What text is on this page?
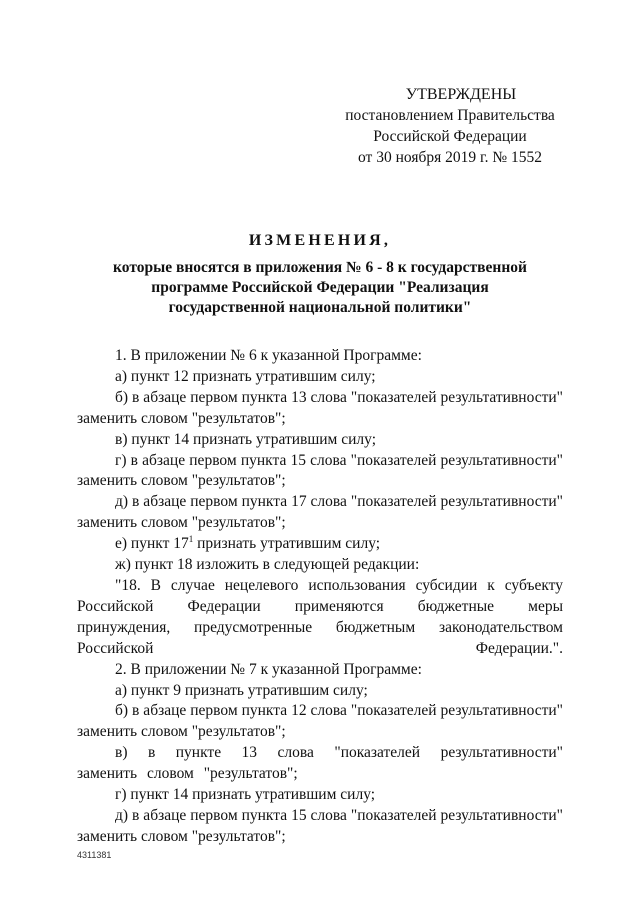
УТВЕРЖДЕНЫ
постановлением Правительства
Российской Федерации
от 30 ноября 2019 г. № 1552
ИЗМЕНЕНИЯ,
которые вносятся в приложения № 6 - 8 к государственной
программе Российской Федерации "Реализация
государственной национальной политики"

1. В приложении № 6 к указанной Программе:

а) пункт 12 признать утратившим силу;

б) в абзаце первом пункта 13 слова "показателей результативности" заменить словом "результатов";

в) пункт 14 признать утратившим силу;

г) в абзаце первом пункта 15 слова "показателей результативности" заменить словом "результатов";

д) в абзаце первом пункта 17 слова "показателей результативности" заменить словом "результатов";

е) пункт $17^1$ признать утратившим силу;

ж) пункт 18 изложить в следующей редакции:

"18. В случае нецелевого использования субсидии к субъекту Российской Федерации применяются бюджетные меры принуждения, предусмотренные бюджетным законодательством Российской Федерации.".

2. В приложении № 7 к указанной Программе:

а) пункт 9 признать утратившим силу;

б) в абзаце первом пункта 12 слова "показателей результативности" заменить словом "результатов";

в) в пункте 13 слова "показателей результативности" заменить словом "результатов";

г) пункт 14 признать утратившим силу;

д) в абзаце первом пункта 15 слова "показателей результативности" заменить словом "результатов";

4311381
